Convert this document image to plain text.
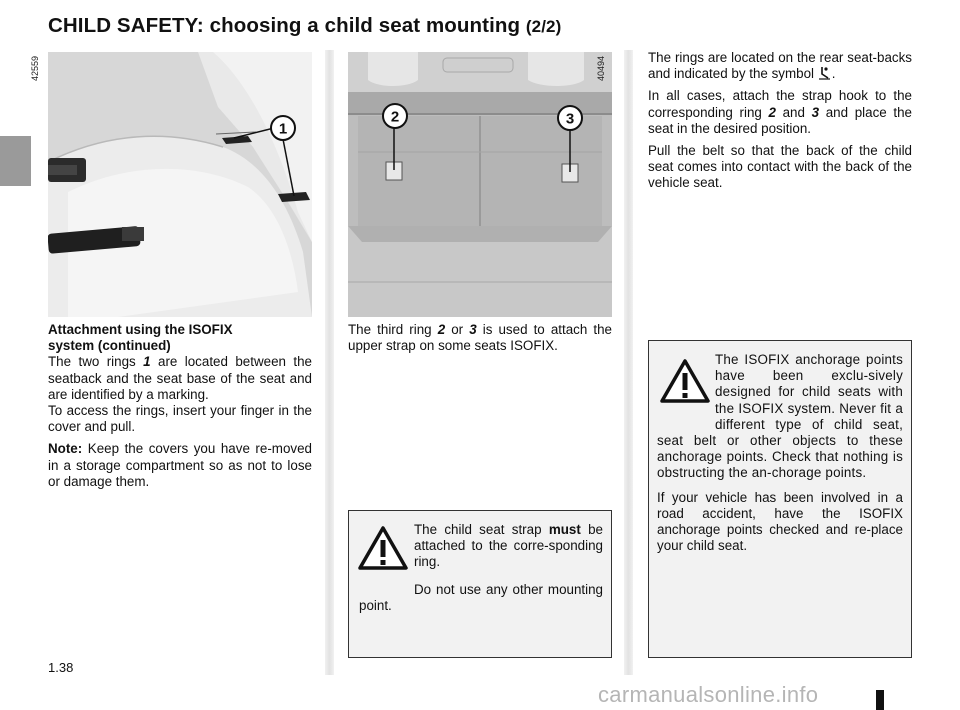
CHILD SAFETY: choosing a child seat mounting (2/2)
42559
1
2	3
40494

Attachment using the ISOFIX
system (continued)

The two rings 1 are located between the seatback and the seat base of the seat and are identified by a marking.

To access the rings, insert your finger in the cover and pull.

Note: Keep the covers you have re-moved in a storage compartment so as not to lose or damage them.

The third ring 2 or 3 is used to attach the upper strap on some seats ISOFIX.

The child seat strap must be attached to the corre-sponding ring.

Do not use any other mounting point.

The rings are located on the rear seat-backs and indicated by the symbol .

In all cases, attach the strap hook to the corresponding ring 2 and 3 and place the seat in the desired position.

Pull the belt so that the back of the child seat comes into contact with the back of the vehicle seat.

The ISOFIX anchorage points have been exclu-sively designed for child seats with the ISOFIX system. Never fit a different type of child seat, seat belt or other objects to these anchorage points. Check that nothing is obstructing the an-chorage points.

If your vehicle has been involved in a road accident, have the ISOFIX anchorage points checked and re-place your child seat.

1.38
carmanualsonline.info
